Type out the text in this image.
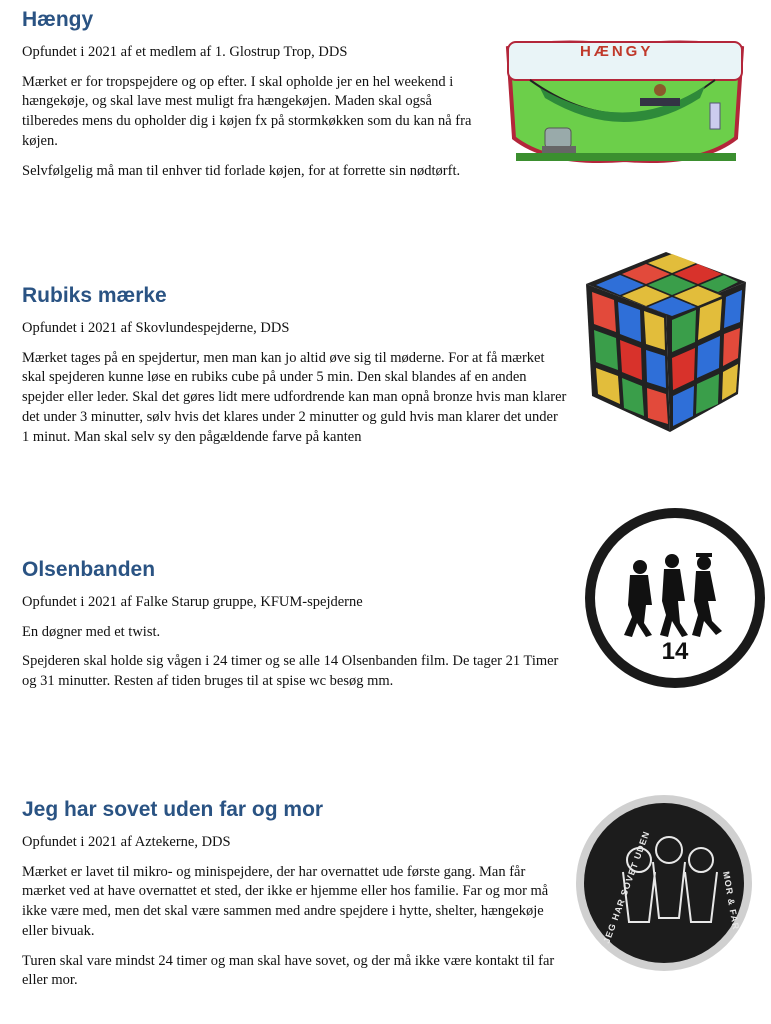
Hængy

Opfundet i 2021 af et medlem af 1. Glostrup Trop, DDS

Mærket er for tropspejdere og op efter. I skal opholde jer en hel weekend i hængekøje, og skal lave mest muligt fra hængekøjen. Maden skal også tilberedes mens du opholder dig i køjen fx på stormkøkken som du kan nå fra køjen.

Selvfølgelig må man til enhver tid forlade køjen, for at forrette sin nødtørft.

HÆNGY
Rubiks mærke

Opfundet i 2021 af Skovlundespejderne, DDS

Mærket tages på en spejdertur, men man kan jo altid øve sig til møderne. For at få mærket skal spejderen kunne løse en rubiks cube på under 5 min. Den skal blandes af en anden spejder eller leder. Skal det gøres lidt mere udfordrende kan man opnå bronze hvis man klarer det under 3 minutter, sølv hvis det klares under 2 minutter og guld hvis man klarer det under 1 minut. Man skal selv sy den pågældende farve på kanten

Olsenbanden

Opfundet i 2021 af Falke Starup gruppe, KFUM-spejderne

En døgner med et twist.

Spejderen skal holde sig vågen i 24 timer og se alle 14 Olsenbanden film. De tager 21 Timer og 31 minutter. Resten af tiden bruges til at spise wc besøg mm.

14
Jeg har sovet uden far og mor

Opfundet i 2021 af Aztekerne, DDS

Mærket er lavet til mikro- og minispejdere, der har overnattet ude første gang. Man får mærket ved at have overnattet et sted, der ikke er hjemme eller hos familie. Far og mor må ikke være med, men det skal være sammen med andre spejdere i hytte, shelter, hængekøje eller bivuak.

Turen skal vare mindst 24 timer og man skal have sovet, og der må ikke være kontakt til far eller mor.

JEG HAR SOVET UDEN	MOR & FAR
